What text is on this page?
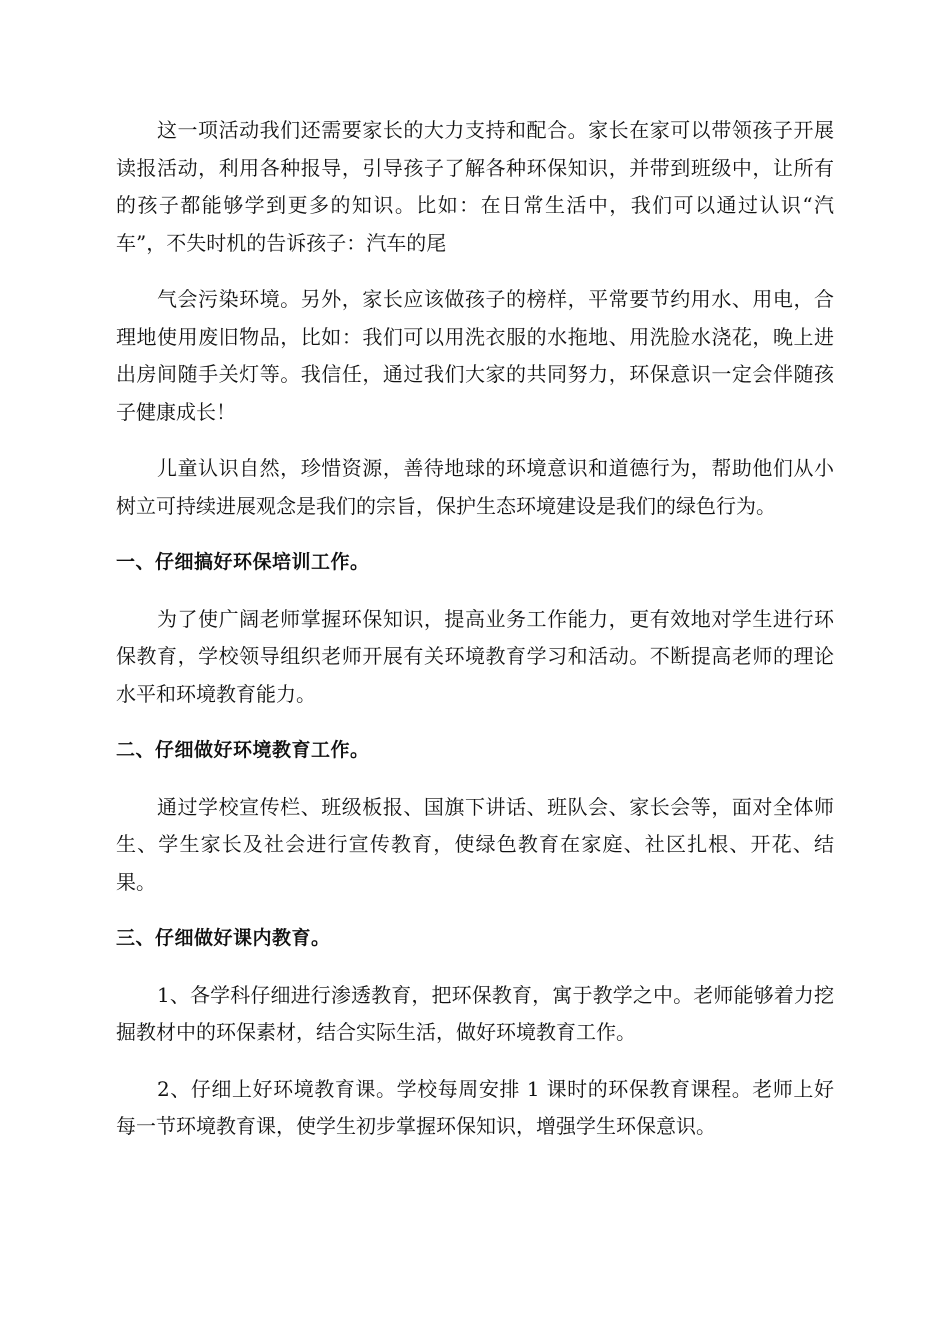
这一项活动我们还需要家长的大力支持和配合。家长在家可以带领孩子开展读报活动，利用各种报导，引导孩子了解各种环保知识，并带到班级中，让所有的孩子都能够学到更多的知识。比如：在日常生活中，我们可以通过认识“汽车”，不失时机的告诉孩子：汽车的尾

气会污染环境。另外，家长应该做孩子的榜样，平常要节约用水、用电，合理地使用废旧物品，比如：我们可以用洗衣服的水拖地、用洗脸水浇花，晚上进出房间随手关灯等。我信任，通过我们大家的共同努力，环保意识一定会伴随孩子健康成长！

儿童认识自然，珍惜资源，善待地球的环境意识和道德行为，帮助他们从小树立可持续进展观念是我们的宗旨，保护生态环境建设是我们的绿色行为。

一、仔细搞好环保培训工作。

为了使广阔老师掌握环保知识，提高业务工作能力，更有效地对学生进行环保教育，学校领导组织老师开展有关环境教育学习和活动。不断提高老师的理论水平和环境教育能力。

二、仔细做好环境教育工作。

通过学校宣传栏、班级板报、国旗下讲话、班队会、家长会等，面对全体师生、学生家长及社会进行宣传教育，使绿色教育在家庭、社区扎根、开花、结果。

三、仔细做好课内教育。

1、各学科仔细进行渗透教育，把环保教育，寓于教学之中。老师能够着力挖掘教材中的环保素材，结合实际生活，做好环境教育工作。

2、仔细上好环境教育课。学校每周安排 1 课时的环保教育课程。老师上好每一节环境教育课，使学生初步掌握环保知识，增强学生环保意识。
